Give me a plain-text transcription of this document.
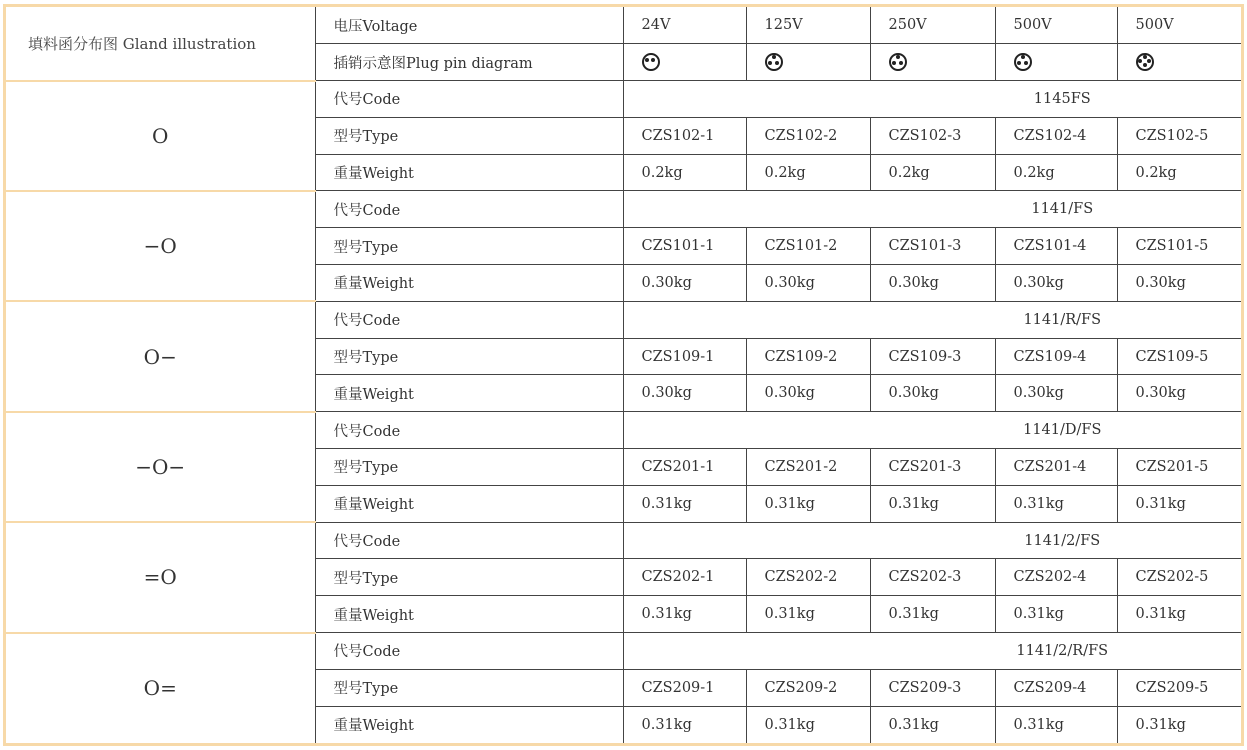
填料函分布图 Gland illustration	电压Voltage	24V	125V	250V	500V	500V
	插销示意图Plug pin diagram	

O	代号Code	1145FS				
	型号Type	CZS102-1	CZS102-2	CZS102-3	CZS102-4	CZS102-5
	重量Weight	0.2kg	0.2kg	0.2kg	0.2kg	0.2kg
−O	代号Code	1141/FS				
	型号Type	CZS101-1	CZS101-2	CZS101-3	CZS101-4	CZS101-5
	重量Weight	0.30kg	0.30kg	0.30kg	0.30kg	0.30kg
O−	代号Code	1141/R/FS				
	型号Type	CZS109-1	CZS109-2	CZS109-3	CZS109-4	CZS109-5
	重量Weight	0.30kg	0.30kg	0.30kg	0.30kg	0.30kg
−O−	代号Code	1141/D/FS				
	型号Type	CZS201-1	CZS201-2	CZS201-3	CZS201-4	CZS201-5
	重量Weight	0.31kg	0.31kg	0.31kg	0.31kg	0.31kg
=O	代号Code	1141/2/FS				
	型号Type	CZS202-1	CZS202-2	CZS202-3	CZS202-4	CZS202-5
	重量Weight	0.31kg	0.31kg	0.31kg	0.31kg	0.31kg
O=	代号Code	1141/2/R/FS				
	型号Type	CZS209-1	CZS209-2	CZS209-3	CZS209-4	CZS209-5
	重量Weight	0.31kg	0.31kg	0.31kg	0.31kg	0.31kg
